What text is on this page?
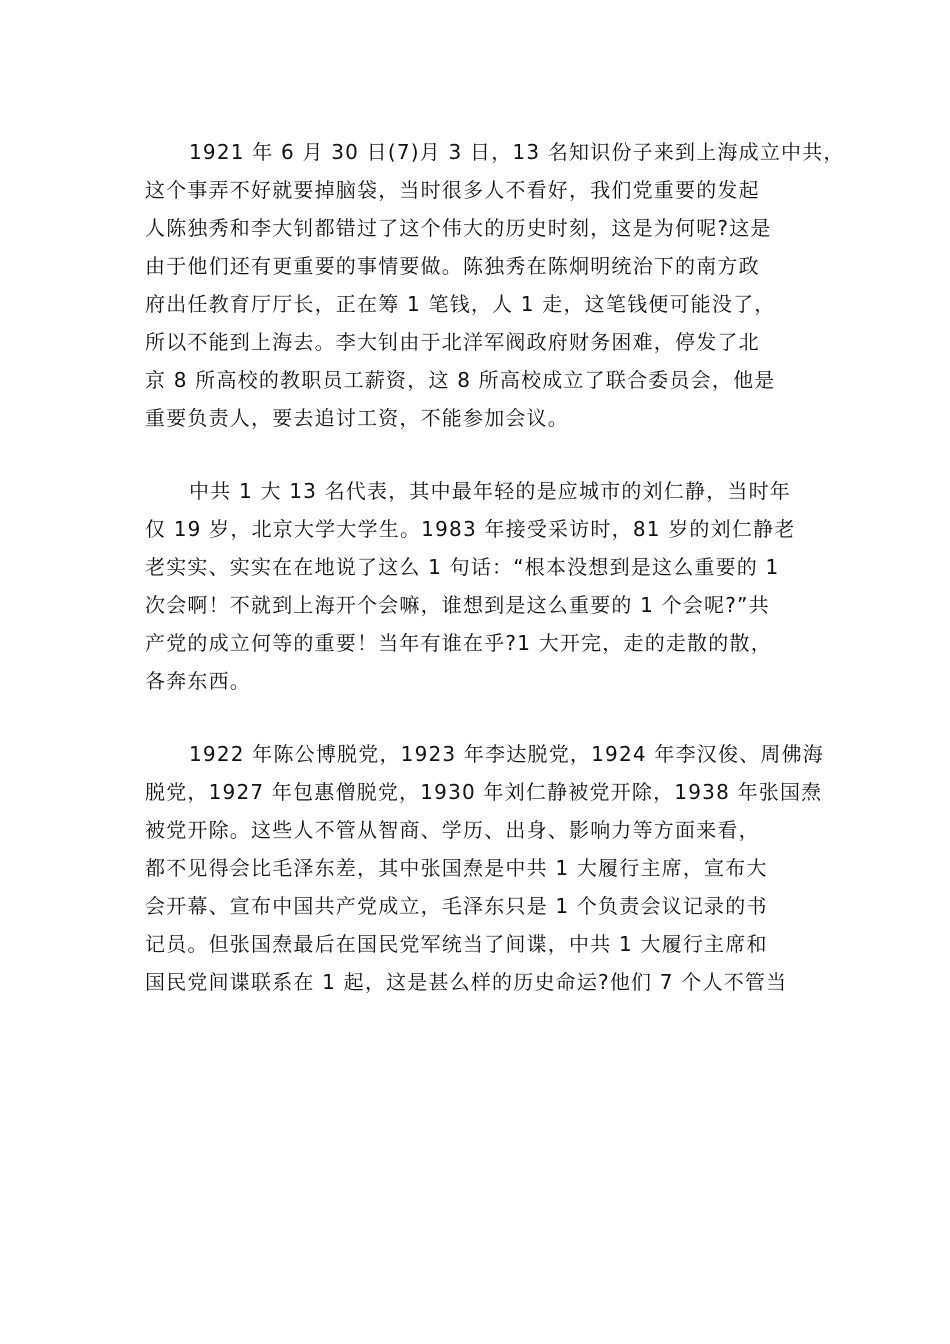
1921 年 6 月 30 日(7)月 3 日，13 名知识份子来到上海成立中共，
这个事弄不好就要掉脑袋，当时很多人不看好，我们党重要的发起
人陈独秀和李大钊都错过了这个伟大的历史时刻，这是为何呢?这是
由于他们还有更重要的事情要做。陈独秀在陈炯明统治下的南方政
府出任教育厅厅长，正在筹 1 笔钱，人 1 走，这笔钱便可能没了，
所以不能到上海去。李大钊由于北洋军阀政府财务困难，停发了北
京 8 所高校的教职员工薪资，这 8 所高校成立了联合委员会，他是
重要负责人，要去追讨工资，不能参加会议。

中共 1 大 13 名代表，其中最年轻的是应城市的刘仁静，当时年
仅 19 岁，北京大学大学生。1983 年接受采访时，81 岁的刘仁静老
老实实、实实在在地说了这么 1 句话：“根本没想到是这么重要的 1
次会啊！不就到上海开个会嘛，谁想到是这么重要的 1 个会呢?”共
产党的成立何等的重要！当年有谁在乎?1 大开完，走的走散的散，
各奔东西。

1922 年陈公博脱党，1923 年李达脱党，1924 年李汉俊、周佛海
脱党，1927 年包惠僧脱党，1930 年刘仁静被党开除，1938 年张国焘
被党开除。这些人不管从智商、学历、出身、影响力等方面来看，
都不见得会比毛泽东差，其中张国焘是中共 1 大履行主席，宣布大
会开幕、宣布中国共产党成立，毛泽东只是 1 个负责会议记录的书
记员。但张国焘最后在国民党军统当了间谍，中共 1 大履行主席和
国民党间谍联系在 1 起，这是甚么样的历史命运?他们 7 个人不管当
